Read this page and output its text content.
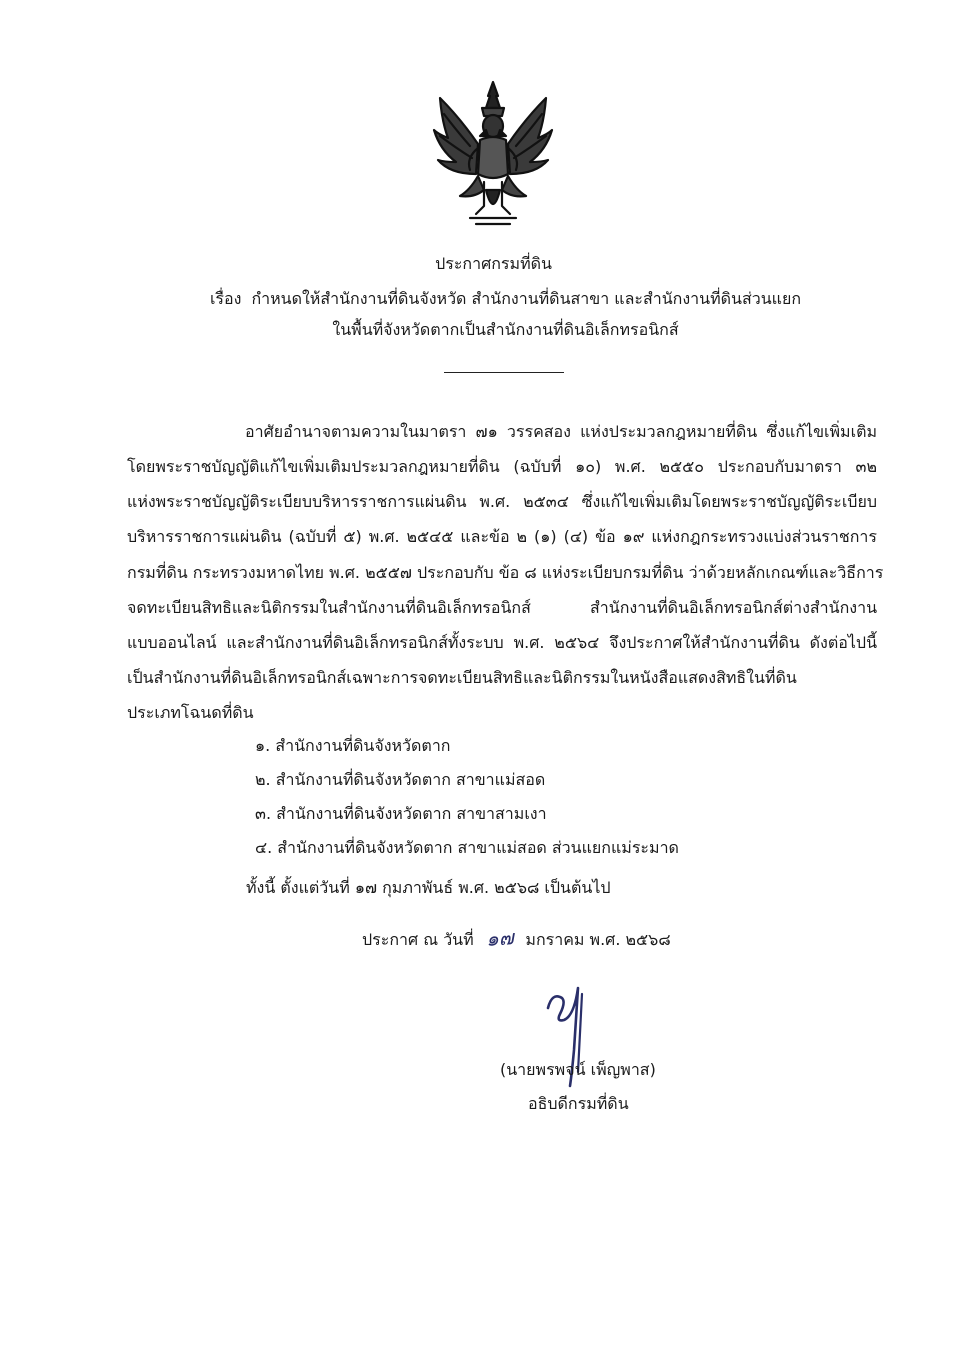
ประกาศกรมที่ดิน
เรื่อง กำหนดให้สำนักงานที่ดินจังหวัด สำนักงานที่ดินสาขา และสำนักงานที่ดินส่วนแยก
ในพื้นที่จังหวัดตากเป็นสำนักงานที่ดินอิเล็กทรอนิกส์
อาศัยอำนาจตามความในมาตรา ๗๑ วรรคสอง แห่งประมวลกฎหมายที่ดิน ซึ่งแก้ไขเพิ่มเติม
โดยพระราชบัญญัติแก้ไขเพิ่มเติมประมวลกฎหมายที่ดิน (ฉบับที่ ๑๐) พ.ศ. ๒๕๕๐ ประกอบกับมาตรา ๓๒
แห่งพระราชบัญญัติระเบียบบริหารราชการแผ่นดิน พ.ศ. ๒๕๓๔ ซึ่งแก้ไขเพิ่มเติมโดยพระราชบัญญัติระเบียบ
บริหารราชการแผ่นดิน (ฉบับที่ ๕) พ.ศ. ๒๕๔๕ และข้อ ๒ (๑) (๔) ข้อ ๑๙ แห่งกฎกระทรวงแบ่งส่วนราชการ
กรมที่ดิน กระทรวงมหาดไทย พ.ศ. ๒๕๕๗ ประกอบกับ ข้อ ๘ แห่งระเบียบกรมที่ดิน ว่าด้วยหลักเกณฑ์และวิธีการ
จดทะเบียนสิทธิและนิติกรรมในสำนักงานที่ดินอิเล็กทรอนิกส์ สำนักงานที่ดินอิเล็กทรอนิกส์ต่างสำนักงาน
แบบออนไลน์ และสำนักงานที่ดินอิเล็กทรอนิกส์ทั้งระบบ พ.ศ. ๒๕๖๔ จึงประกาศให้สำนักงานที่ดิน ดังต่อไปนี้
เป็นสำนักงานที่ดินอิเล็กทรอนิกส์เฉพาะการจดทะเบียนสิทธิและนิติกรรมในหนังสือแสดงสิทธิในที่ดิน
ประเภทโฉนดที่ดิน
๑. สำนักงานที่ดินจังหวัดตาก
๒. สำนักงานที่ดินจังหวัดตาก สาขาแม่สอด
๓. สำนักงานที่ดินจังหวัดตาก สาขาสามเงา
๔. สำนักงานที่ดินจังหวัดตาก สาขาแม่สอด ส่วนแยกแม่ระมาด
ทั้งนี้ ตั้งแต่วันที่ ๑๗ กุมภาพันธ์ พ.ศ. ๒๕๖๘ เป็นต้นไป
ประกาศ ณ วันที่ ๑๗ มกราคม พ.ศ. ๒๕๖๘
(นายพรพจน์ เพ็ญพาส)
อธิบดีกรมที่ดิน
